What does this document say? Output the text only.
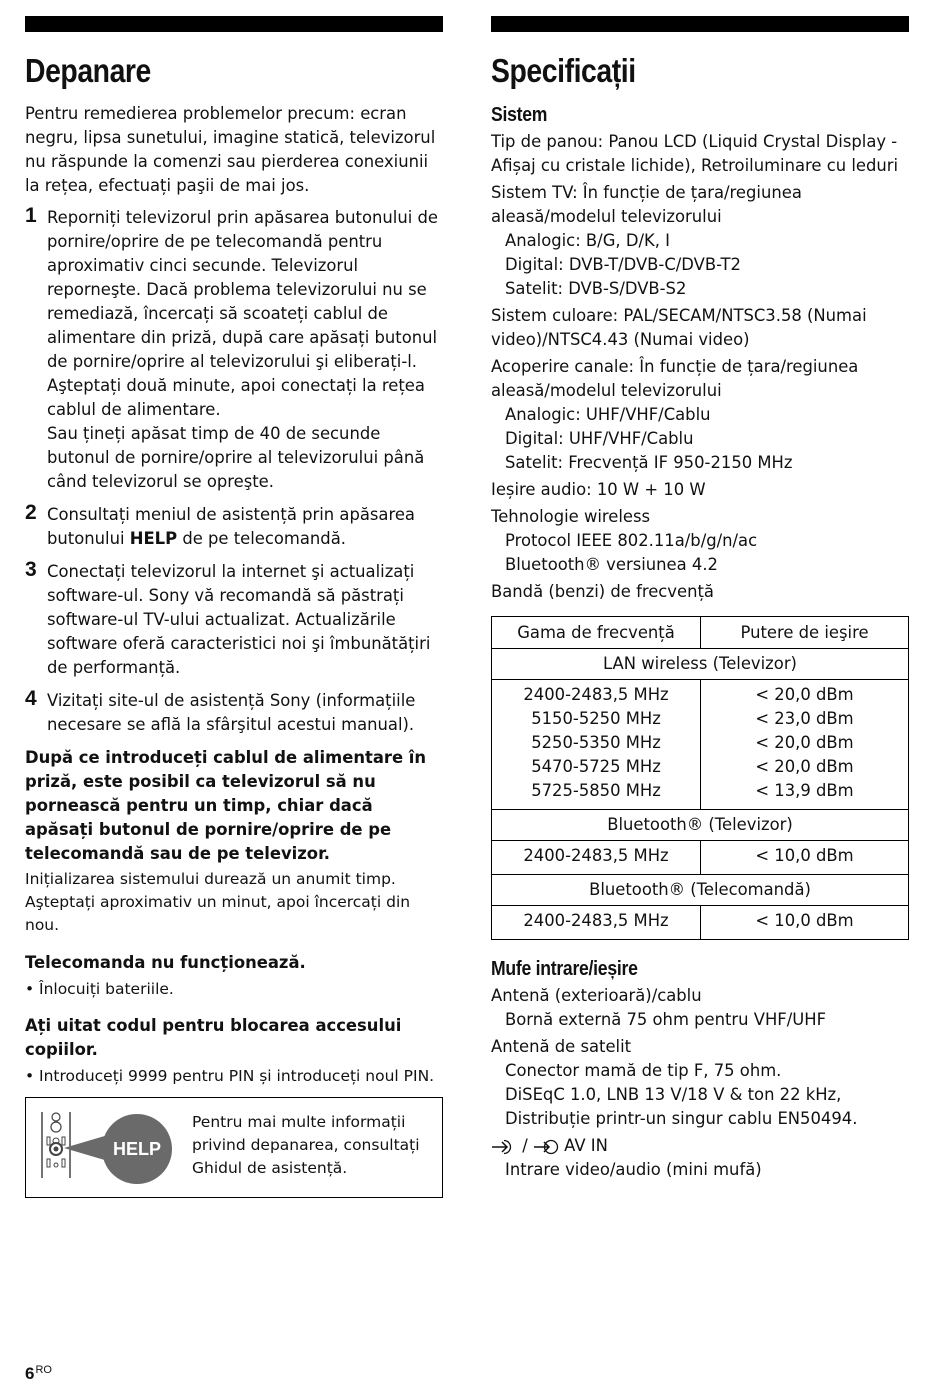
Depanare

Pentru remedierea problemelor precum: ecran negru, lipsa sunetului, imagine statică, televizorul nu răspunde la comenzi sau pierderea conexiunii la rețea, efectuați paşii de mai jos.

1 Reporniți televizorul prin apăsarea butonului de pornire/oprire de pe telecomandă pentru aproximativ cinci secunde. Televizorul reporneşte. Dacă problema televizorului nu se remediază, încercați să scoateți cablul de alimentare din priză, după care apăsați butonul de pornire/oprire al televizorului şi eliberați-l. Aşteptați două minute, apoi conectați la rețea cablul de alimentare.
Sau țineți apăsat timp de 40 de secunde butonul de pornire/oprire al televizorului până când televizorul se opreşte.
2 Consultați meniul de asistență prin apăsarea butonului HELP de pe telecomandă.
3 Conectați televizorul la internet şi actualizați software-ul. Sony vă recomandă să păstrați software-ul TV-ului actualizat. Actualizările software oferă caracteristici noi şi îmbunătățiri de performanță.
4 Vizitați site-ul de asistență Sony (informațiile necesare se află la sfârşitul acestui manual).
După ce introduceți cablul de alimentare în priză, este posibil ca televizorul să nu pornească pentru un timp, chiar dacă apăsați butonul de pornire/oprire de pe telecomandă sau de pe televizor.

Inițializarea sistemului durează un anumit timp. Aşteptați aproximativ un minut, apoi încercați din nou.

Telecomanda nu funcționează.

• Înlocuiți bateriile.

Ați uitat codul pentru blocarea accesului copiilor.

• Introduceți 9999 pentru PIN și introduceți noul PIN.

HELP
Pentru mai multe informații privind depanarea, consultați Ghidul de asistență.
Specificații
Sistem

Tip de panou: Panou LCD (Liquid Crystal Display - Afișaj cu cristale lichide), Retroiluminare cu leduri

Sistem TV: În funcție de țara/regiunea aleasă/modelul televizorului

Analogic: B/G, D/K, I

Digital: DVB-T/DVB-C/DVB-T2

Satelit: DVB-S/DVB-S2

Sistem culoare: PAL/SECAM/NTSC3.58 (Numai video)/NTSC4.43 (Numai video)

Acoperire canale: În funcție de țara/regiunea aleasă/modelul televizorului

Analogic: UHF/VHF/Cablu

Digital: UHF/VHF/Cablu

Satelit: Frecvență IF 950-2150 MHz

Ieșire audio: 10 W + 10 W

Tehnologie wireless

Protocol IEEE 802.11a/b/g/n/ac

Bluetooth® versiunea 4.2

Bandă (benzi) de frecvență

Gama de frecvență	Putere de ieşire
LAN wireless (Televizor)	
2400-2483,5 MHz	< 20,0 dBm
5150-5250 MHz	< 23,0 dBm
5250-5350 MHz	< 20,0 dBm
5470-5725 MHz	< 20,0 dBm
5725-5850 MHz	< 13,9 dBm
Bluetooth® (Televizor)	
2400-2483,5 MHz	< 10,0 dBm
Bluetooth® (Telecomandă)	
2400-2483,5 MHz	< 10,0 dBm
Mufe intrare/ieșire

Antenă (exterioară)/cablu

Bornă externă 75 ohm pentru VHF/UHF

Antenă de satelit

Conector mamă de tip F, 75 ohm.

DiSEqC 1.0, LNB 13 V/18 V & ton 22 kHz,

Distribuție printr-un singur cablu EN50494.

/  AV IN

Intrare video/audio (mini mufă)

$6^{RO}$
